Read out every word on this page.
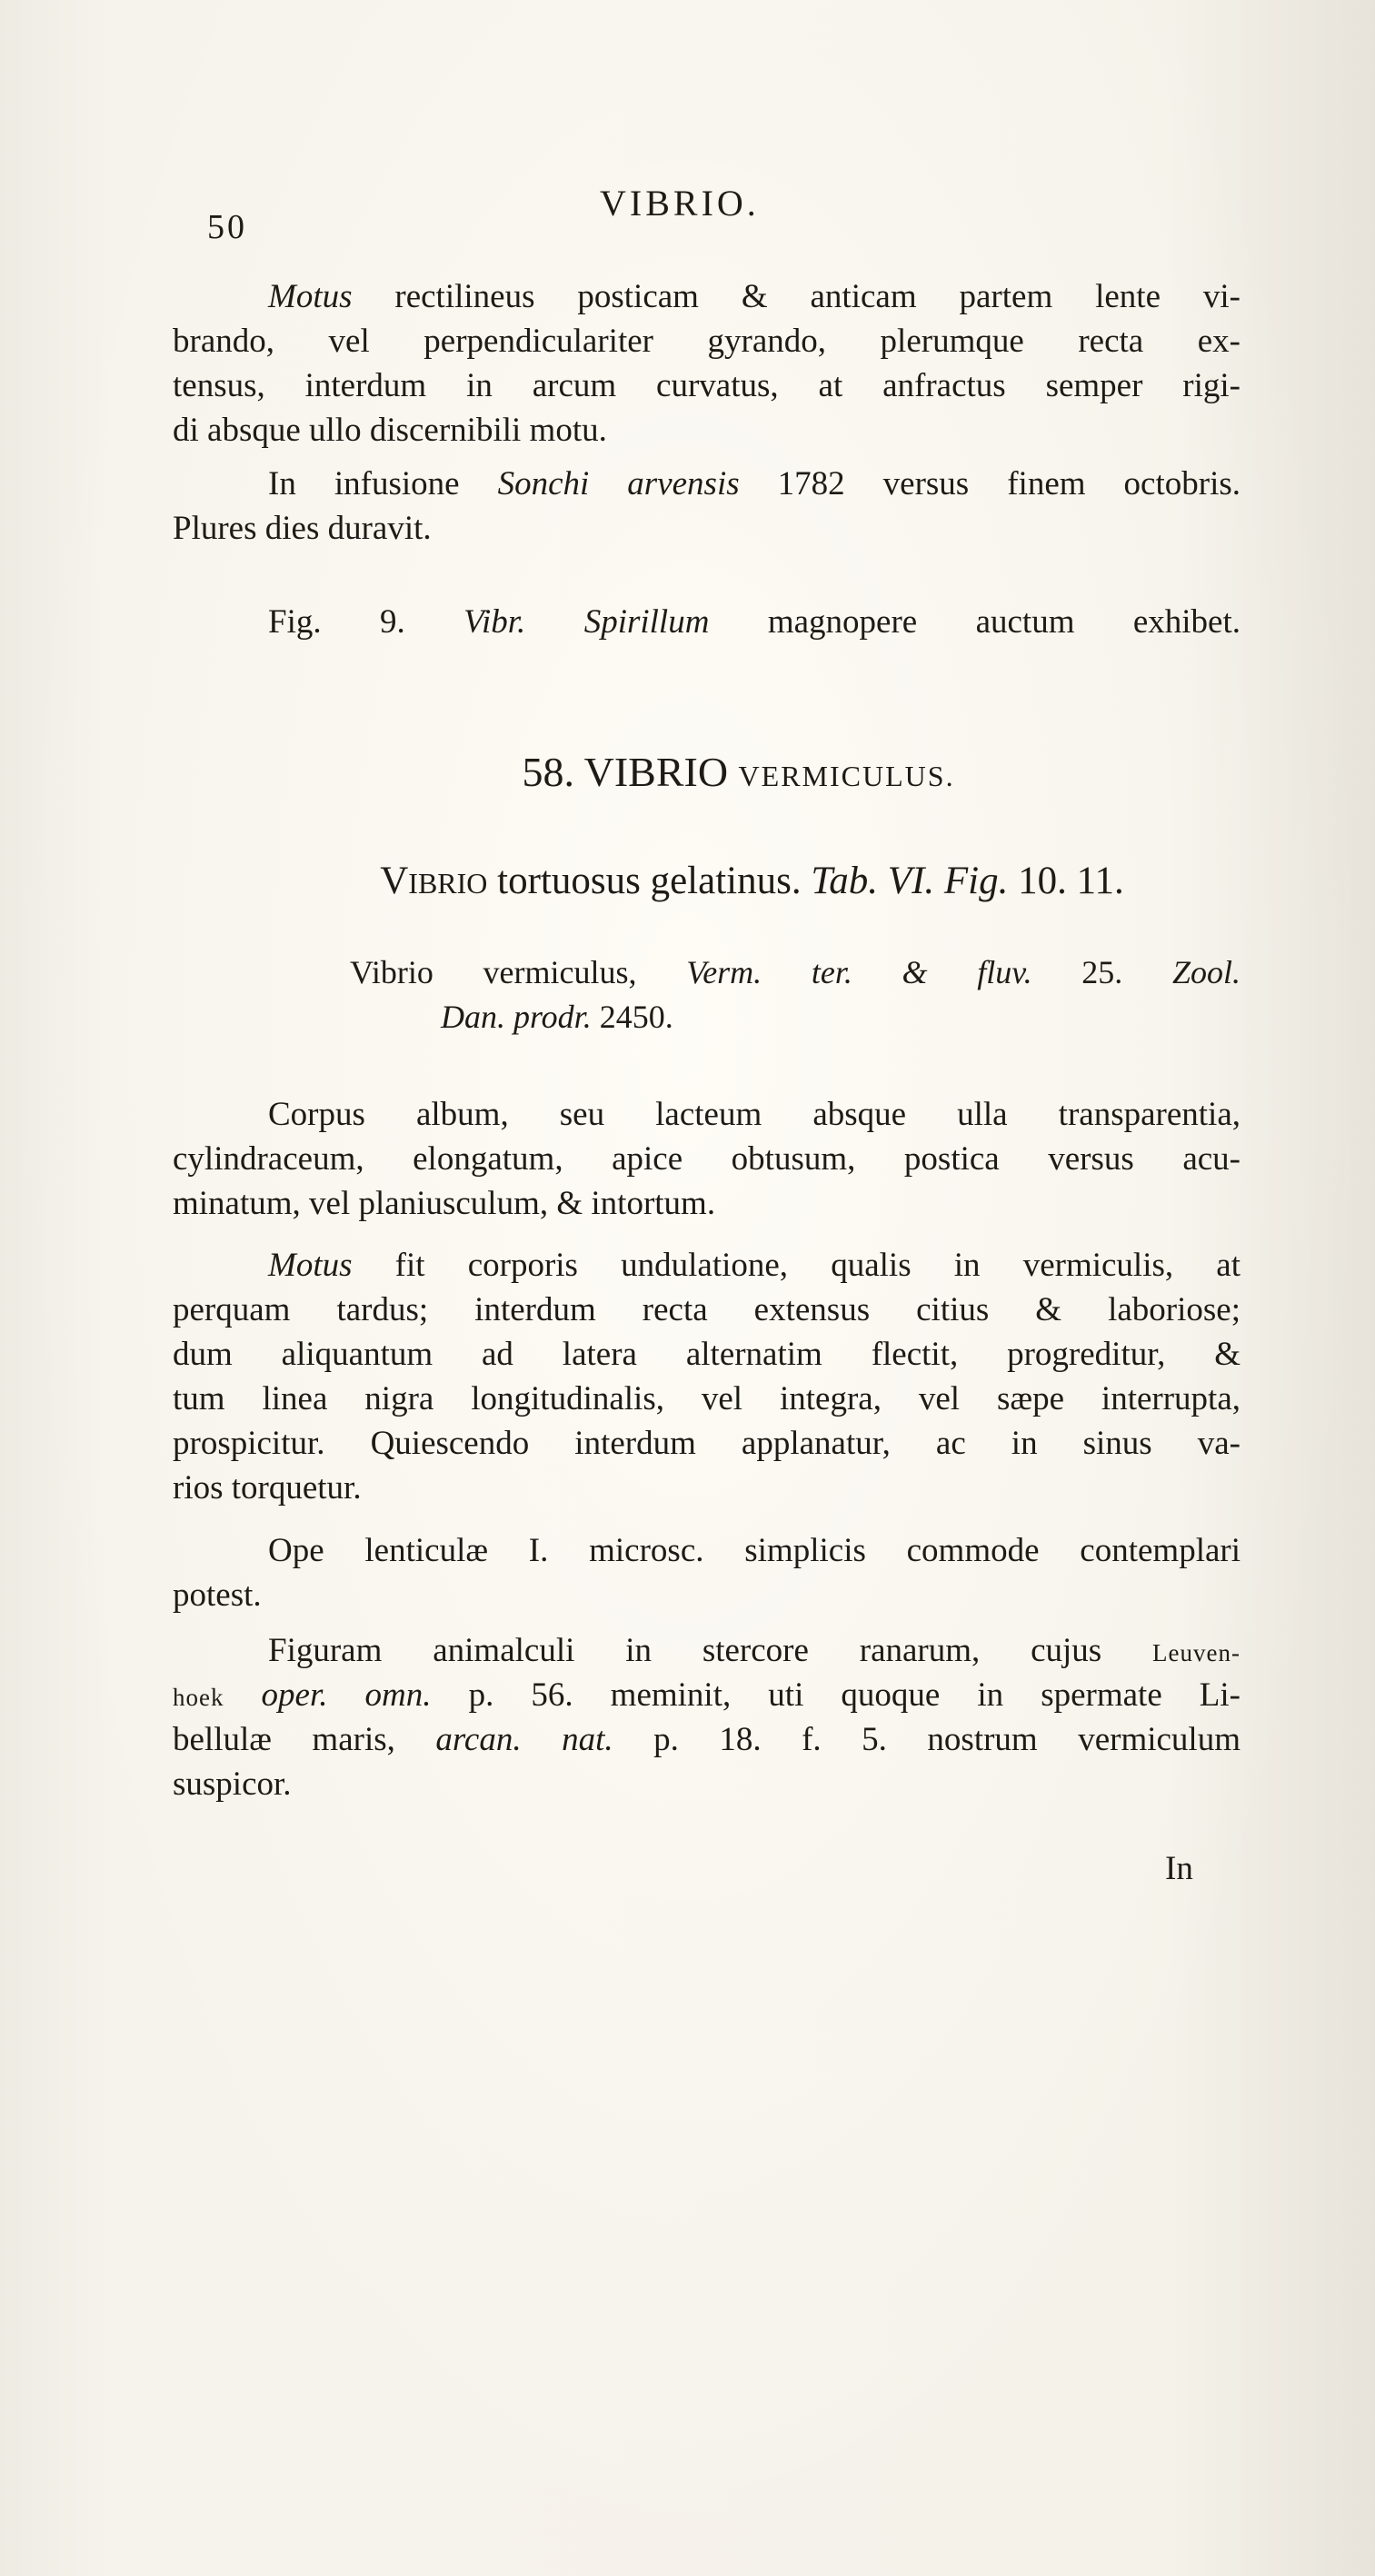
50
VIBRIO.
Motus rectilineus posticam & anticam partem lente vi-
brando, vel perpendiculariter gyrando, plerumque recta ex-
tensus, interdum in arcum curvatus, at anfractus semper rigi-
di absque ullo discernibili motu.
In infusione Sonchi arvensis 1782 versus finem octobris.
Plures dies duravit.
Fig. 9. Vibr. Spirillum magnopere auctum exhibet.
58. VIBRIO VERMICULUS.
VIBRIO tortuosus gelatinus. Tab. VI. Fig. 10. 11.
Vibrio vermiculus, Verm. ter. & fluv. 25. Zool.
Dan. prodr. 2450.
Corpus album, seu lacteum absque ulla transparentia,
cylindraceum, elongatum, apice obtusum, postica versus acu-
minatum, vel planiusculum, & intortum.
Motus fit corporis undulatione, qualis in vermiculis, at
perquam tardus; interdum recta extensus citius & laboriose;
dum aliquantum ad latera alternatim flectit, progreditur, &
tum linea nigra longitudinalis, vel integra, vel sæpe interrupta,
prospicitur. Quiescendo interdum applanatur, ac in sinus va-
rios torquetur.
Ope lenticulæ I. microsc. simplicis commode contemplari
potest.
Figuram animalculi in stercore ranarum, cujus Leuven-
hoek oper. omn. p. 56. meminit, uti quoque in spermate Li-
bellulæ maris, arcan. nat. p. 18. f. 5. nostrum vermiculum
suspicor.
In
